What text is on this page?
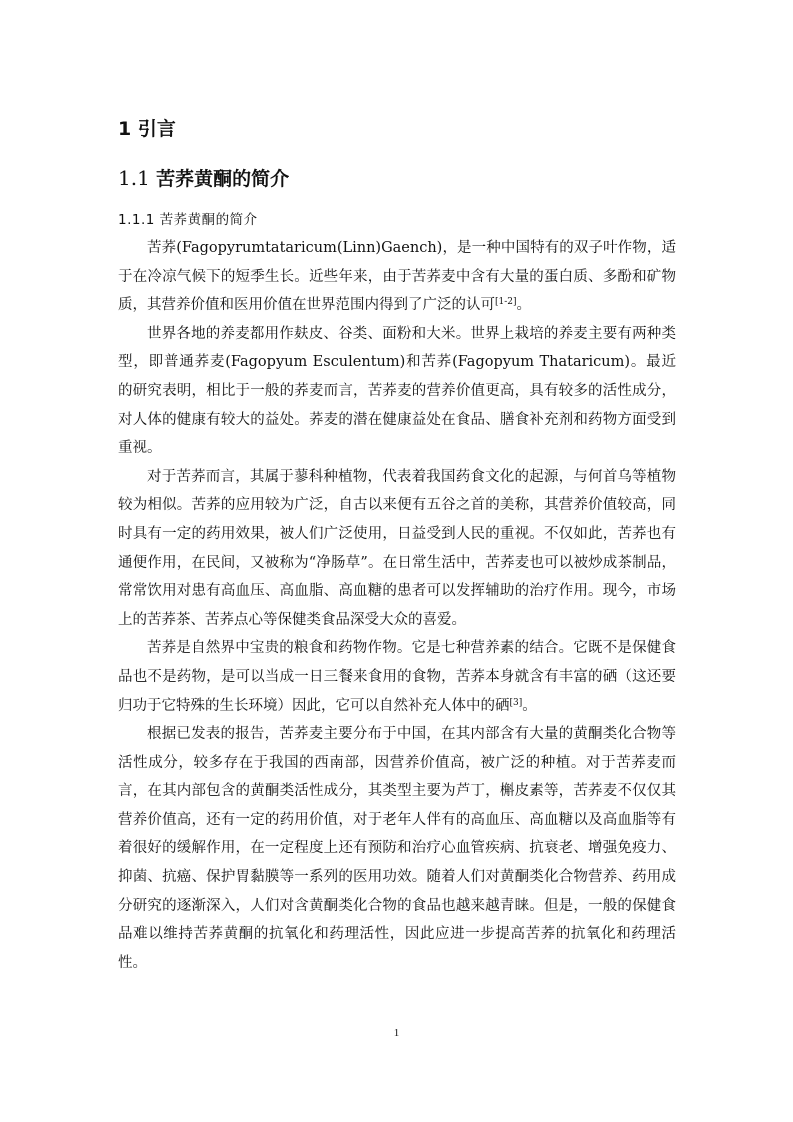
1 引言
1.1 苦荞黄酮的简介
1.1.1 苦荞黄酮的简介

苦荞(Fagopyrumtataricum(Linn)Gaench)，是一种中国特有的双子叶作物，适于在冷凉气候下的短季生长。近些年来，由于苦荞麦中含有大量的蛋白质、多酚和矿物质，其营养价值和医用价值在世界范围内得到了广泛的认可[1-2]。

世界各地的养麦都用作麸皮、谷类、面粉和大米。世界上栽培的养麦主要有两种类型，即普通荞麦(Fagopyum Esculentum)和苦荞(Fagopyum Thataricum)。最近的研究表明，相比于一般的荞麦而言，苦荞麦的营养价值更高，具有较多的活性成分，对人体的健康有较大的益处。荞麦的潜在健康益处在食品、膳食补充剂和药物方面受到重视。

对于苦荞而言，其属于蓼科种植物，代表着我国药食文化的起源，与何首乌等植物较为相似。苦荞的应用较为广泛，自古以来便有五谷之首的美称，其营养价值较高，同时具有一定的药用效果，被人们广泛使用，日益受到人民的重视。不仅如此，苦荞也有通便作用，在民间，又被称为“净肠草”。在日常生活中，苦荞麦也可以被炒成茶制品，常常饮用对患有高血压、高血脂、高血糖的患者可以发挥辅助的治疗作用。现今，市场上的苦荞茶、苦荞点心等保健类食品深受大众的喜爱。

苦荞是自然界中宝贵的粮食和药物作物。它是七种营养素的结合。它既不是保健食品也不是药物，是可以当成一日三餐来食用的食物，苦荞本身就含有丰富的硒（这还要归功于它特殊的生长环境）因此，它可以自然补充人体中的硒[3]。

根据已发表的报告，苦荞麦主要分布于中国，在其内部含有大量的黄酮类化合物等活性成分，较多存在于我国的西南部，因营养价值高，被广泛的种植。对于苦荞麦而言，在其内部包含的黄酮类活性成分，其类型主要为芦丁，槲皮素等，苦荞麦不仅仅其营养价值高，还有一定的药用价值，对于老年人伴有的高血压、高血糖以及高血脂等有着很好的缓解作用，在一定程度上还有预防和治疗心血管疾病、抗衰老、增强免疫力、抑菌、抗癌、保护胃黏膜等一系列的医用功效。随着人们对黄酮类化合物营养、药用成分研究的逐渐深入，人们对含黄酮类化合物的食品也越来越青睐。但是，一般的保健食品难以维持苦荞黄酮的抗氧化和药理活性，因此应进一步提高苦荞的抗氧化和药理活性。

1
